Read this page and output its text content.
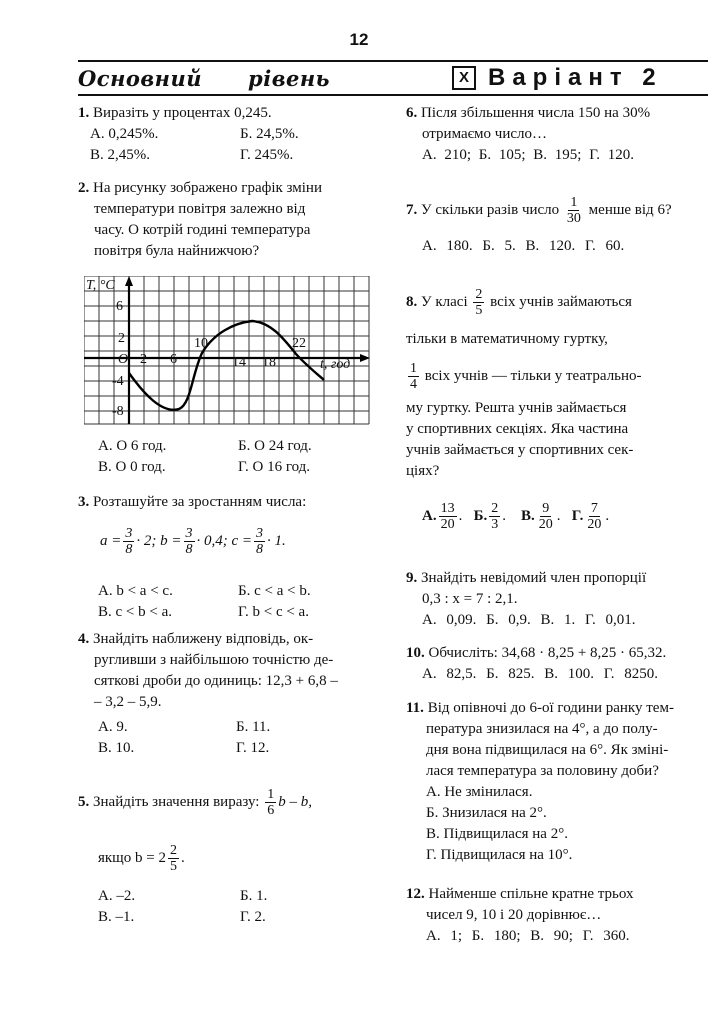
12
Основний рівень	X Варіант 2
1. Виразіть у процентах 0,245.
А. 0,245%.	Б. 24,5%.
В. 2,45%.	Г. 245%.
2. На рисунку зображено графік зміни
температури повітря залежно від
часу. О котрій годині температура
повітря була найнижчою?
T, °C
6
2
O
-4
-8
2 6
10
14 18
22
t, год
А. О 6 год.	Б. О 24 год.
В. О 0 год.	Г. О 16 год.
3. Розташуйте за зростанням числа:
$a = \frac{3}{8} \cdot 2$; $b = \frac{3}{8} \cdot 0,4$; $c = \frac{3}{8} \cdot 1$.
А. b < a < c.	Б. c < a < b.
В. c < b < a.	Г. b < c < a.
4. Знайдіть наближену відповідь, ок-
ругливши з найбільшою точністю де-
сяткові дроби до одиниць: 12,3 + 6,8 –
– 3,2 – 5,9.
А. 9.	Б. 11.
В. 10.	Г. 12.
5. Знайдіть значення виразу: $\frac{1}{6}$ b – b,
якщо $b = 2 \frac{2}{5}$ .
А. –2.	Б. 1.
В. –1.	Г. 2.
6. Після збільшення числа 150 на 30%
отримаємо число…
А. 210; Б. 105; В. 195; Г. 120.
7. У скільки разів число $\frac{1}{30}$ менше від 6?
А. 180. Б. 5. В. 120. Г. 60.
8. У класі $\frac{2}{5}$ всіх учнів займаються
тільки в математичному гуртку,
$\frac{1}{4}$ всіх учнів — тільки у театрально-
му гуртку. Решта учнів займається
у спортивних секціях. Яка частина
учнів займається у спортивних сек-
ціях?
А. $\frac{13}{20}$ .   Б. $\frac{2}{3}$ .    В. $\frac{9}{20}$ .   Г. $\frac{7}{20}$ .
9. Знайдіть невідомий член пропорції
0,3 : x = 7 : 2,1.
А. 0,09. Б. 0,9. В. 1. Г. 0,01.
10. Обчисліть: 34,68 · 8,25 + 8,25 · 65,32.
А. 82,5. Б. 825. В. 100. Г. 8250.
11. Від опівночі до 6-ої години ранку тем-
пература знизилася на 4°, а до полу-
дня вона підвищилася на 6°. Як змінi-
лася температура за половину доби?
А. Не змінилася.
Б. Знизилася на 2°.
В. Підвищилася на 2°.
Г. Підвищилася на 10°.
12. Найменше спільне кратне трьох
чисел 9, 10 і 20 дорівнює…
А. 1; Б. 180; В. 90; Г. 360.
